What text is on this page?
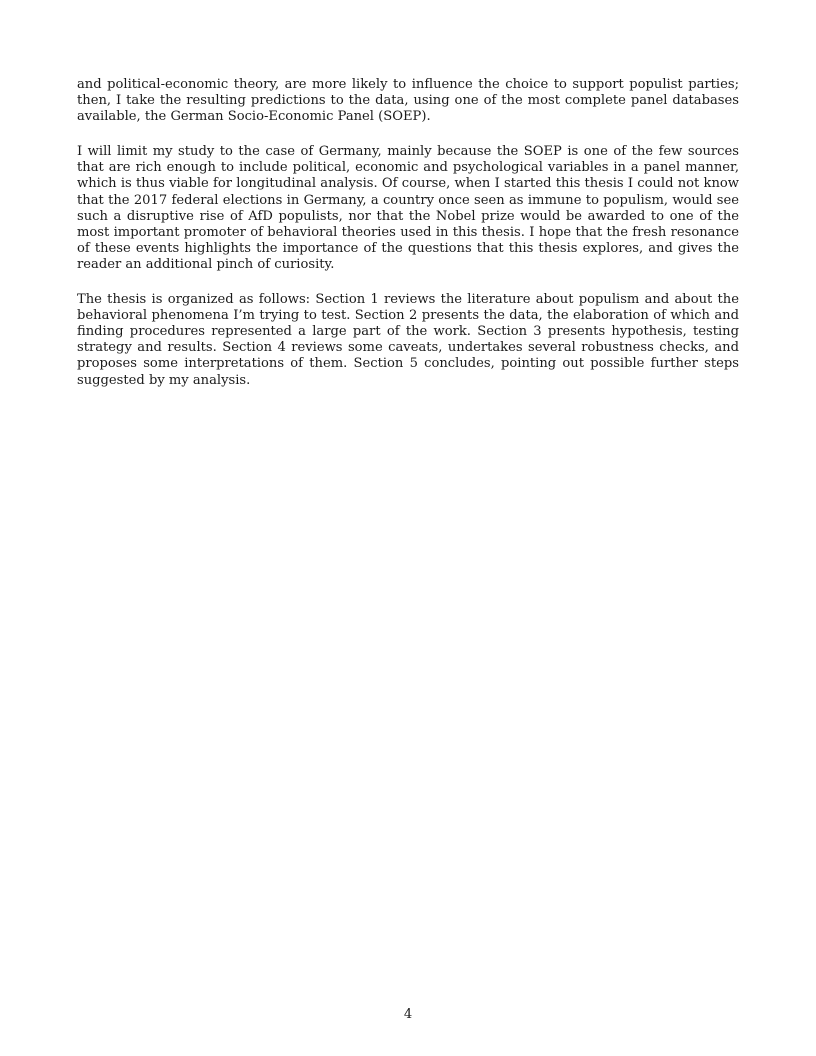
and political-economic theory, are more likely to influence the choice to support populist parties; then, I take the resulting predictions to the data, using one of the most complete panel databases available, the German Socio-Economic Panel (SOEP).

I will limit my study to the case of Germany, mainly because the SOEP is one of the few sources that are rich enough to include political, economic and psychological variables in a panel manner, which is thus viable for longitudinal analysis. Of course, when I started this thesis I could not know that the 2017 federal elections in Germany, a country once seen as immune to populism, would see such a disruptive rise of AfD populists, nor that the Nobel prize would be awarded to one of the most important promoter of behavioral theories used in this thesis. I hope that the fresh resonance of these events highlights the importance of the questions that this thesis explores, and gives the reader an additional pinch of curiosity.

The thesis is organized as follows: Section 1 reviews the literature about populism and about the behavioral phenomena I’m trying to test. Section 2 presents the data, the elaboration of which and finding procedures represented a large part of the work. Section 3 presents hypothesis, testing strategy and results. Section 4 reviews some caveats, undertakes several robustness checks, and proposes some interpretations of them. Section 5 concludes, pointing out possible further steps suggested by my analysis.

4
